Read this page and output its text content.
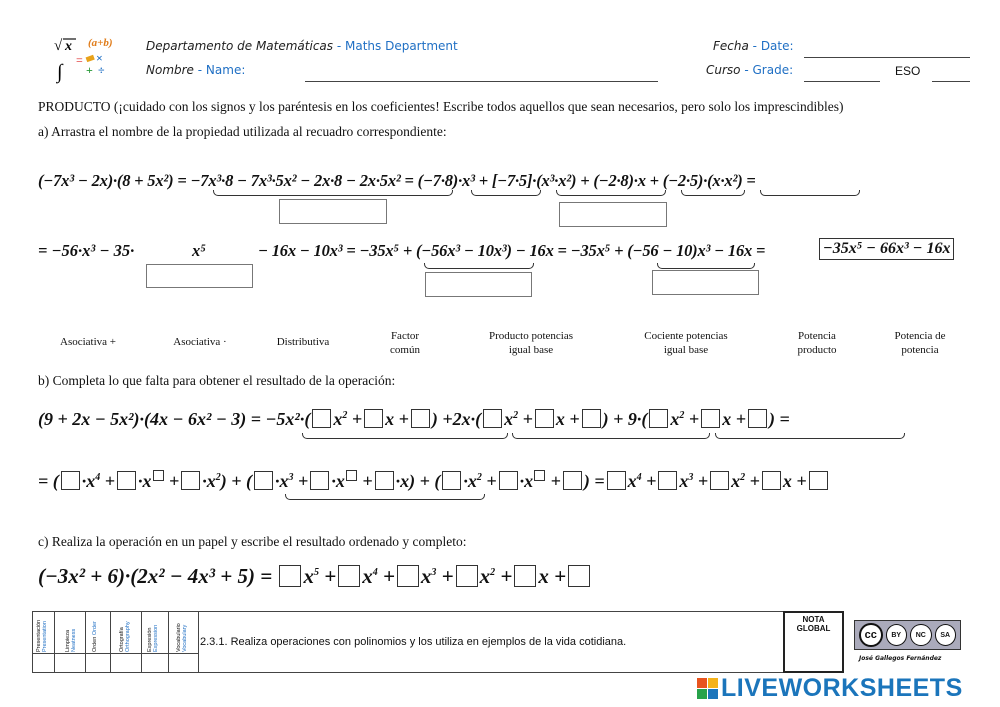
√ x
∫
= ×
+ ÷
(a+b)	Departamento de Matemáticas - Maths Department
Nombre - Name:
Fecha - Date:
Curso - Grade:	ESO
PRODUCTO (¡cuidado con los signos y los paréntesis en los coeficientes! Escribe todos aquellos que sean necesarios, pero solo los imprescindibles)
a) Arrastra el nombre de la propiedad utilizada al recuadro correspondiente:
(−7x³ − 2x)·(8 + 5x²) = −7x³·8 − 7x³·5x² − 2x·8 − 2x·5x² = (−7·8)·x³ + [−7·5]·(x³·x²) + (−2·8)·x + (−2·5)·(x·x²) =
= −56·x³ − 35·	x⁵	− 16x − 10x³ = −35x⁵ + (−56x³ − 10x³) − 16x = −35x⁵ + (−56 − 10)x³ − 16x =	−35x⁵ − 66x³ − 16x
Asociativa +	Asociativa ·	Distributiva	Factor
común
Producto potencias
igual base
Cociente potencias
igual base
Potencia
producto
Potencia de
potencia
b) Completa lo que falta para obtener el resultado de la operación:
(9 + 2x − 5x²)·(4x − 6x² − 3) = −5x²·( $x^2 + x$ + ) +2x·( $x^2 + x$ + ) + 9·( $x^2 + x$ + ) =
= ( $\cdot x^4 + \cdot x + \cdot x^2$) + ( $\cdot x^3 + \cdot x + \cdot x$) + ( $\cdot x^2 + \cdot x$ + ) = $x^4 + x^3 + x^2 + x$ +
c) Realiza la operación en un papel y escribe el resultado ordenado y completo:
$(-3x^2 + 6)\cdot(2x^2 - 4x^3 + 5) = x^5 + x^4 + x^3 + x^2 + x$ +
Presentación Presentation	Limpieza Neatness	Orden Order	Ortografía Orthography	Expresión Expression	Vocabulario Vocabulary 2.3.1. Realiza operaciones con polinomios y los utiliza en ejemplos de la vida cotidiana.
NOTA
GLOBAL
cc	BY	NC	SA
José Gallegos Fernández
LIVEWORKSHEETS
